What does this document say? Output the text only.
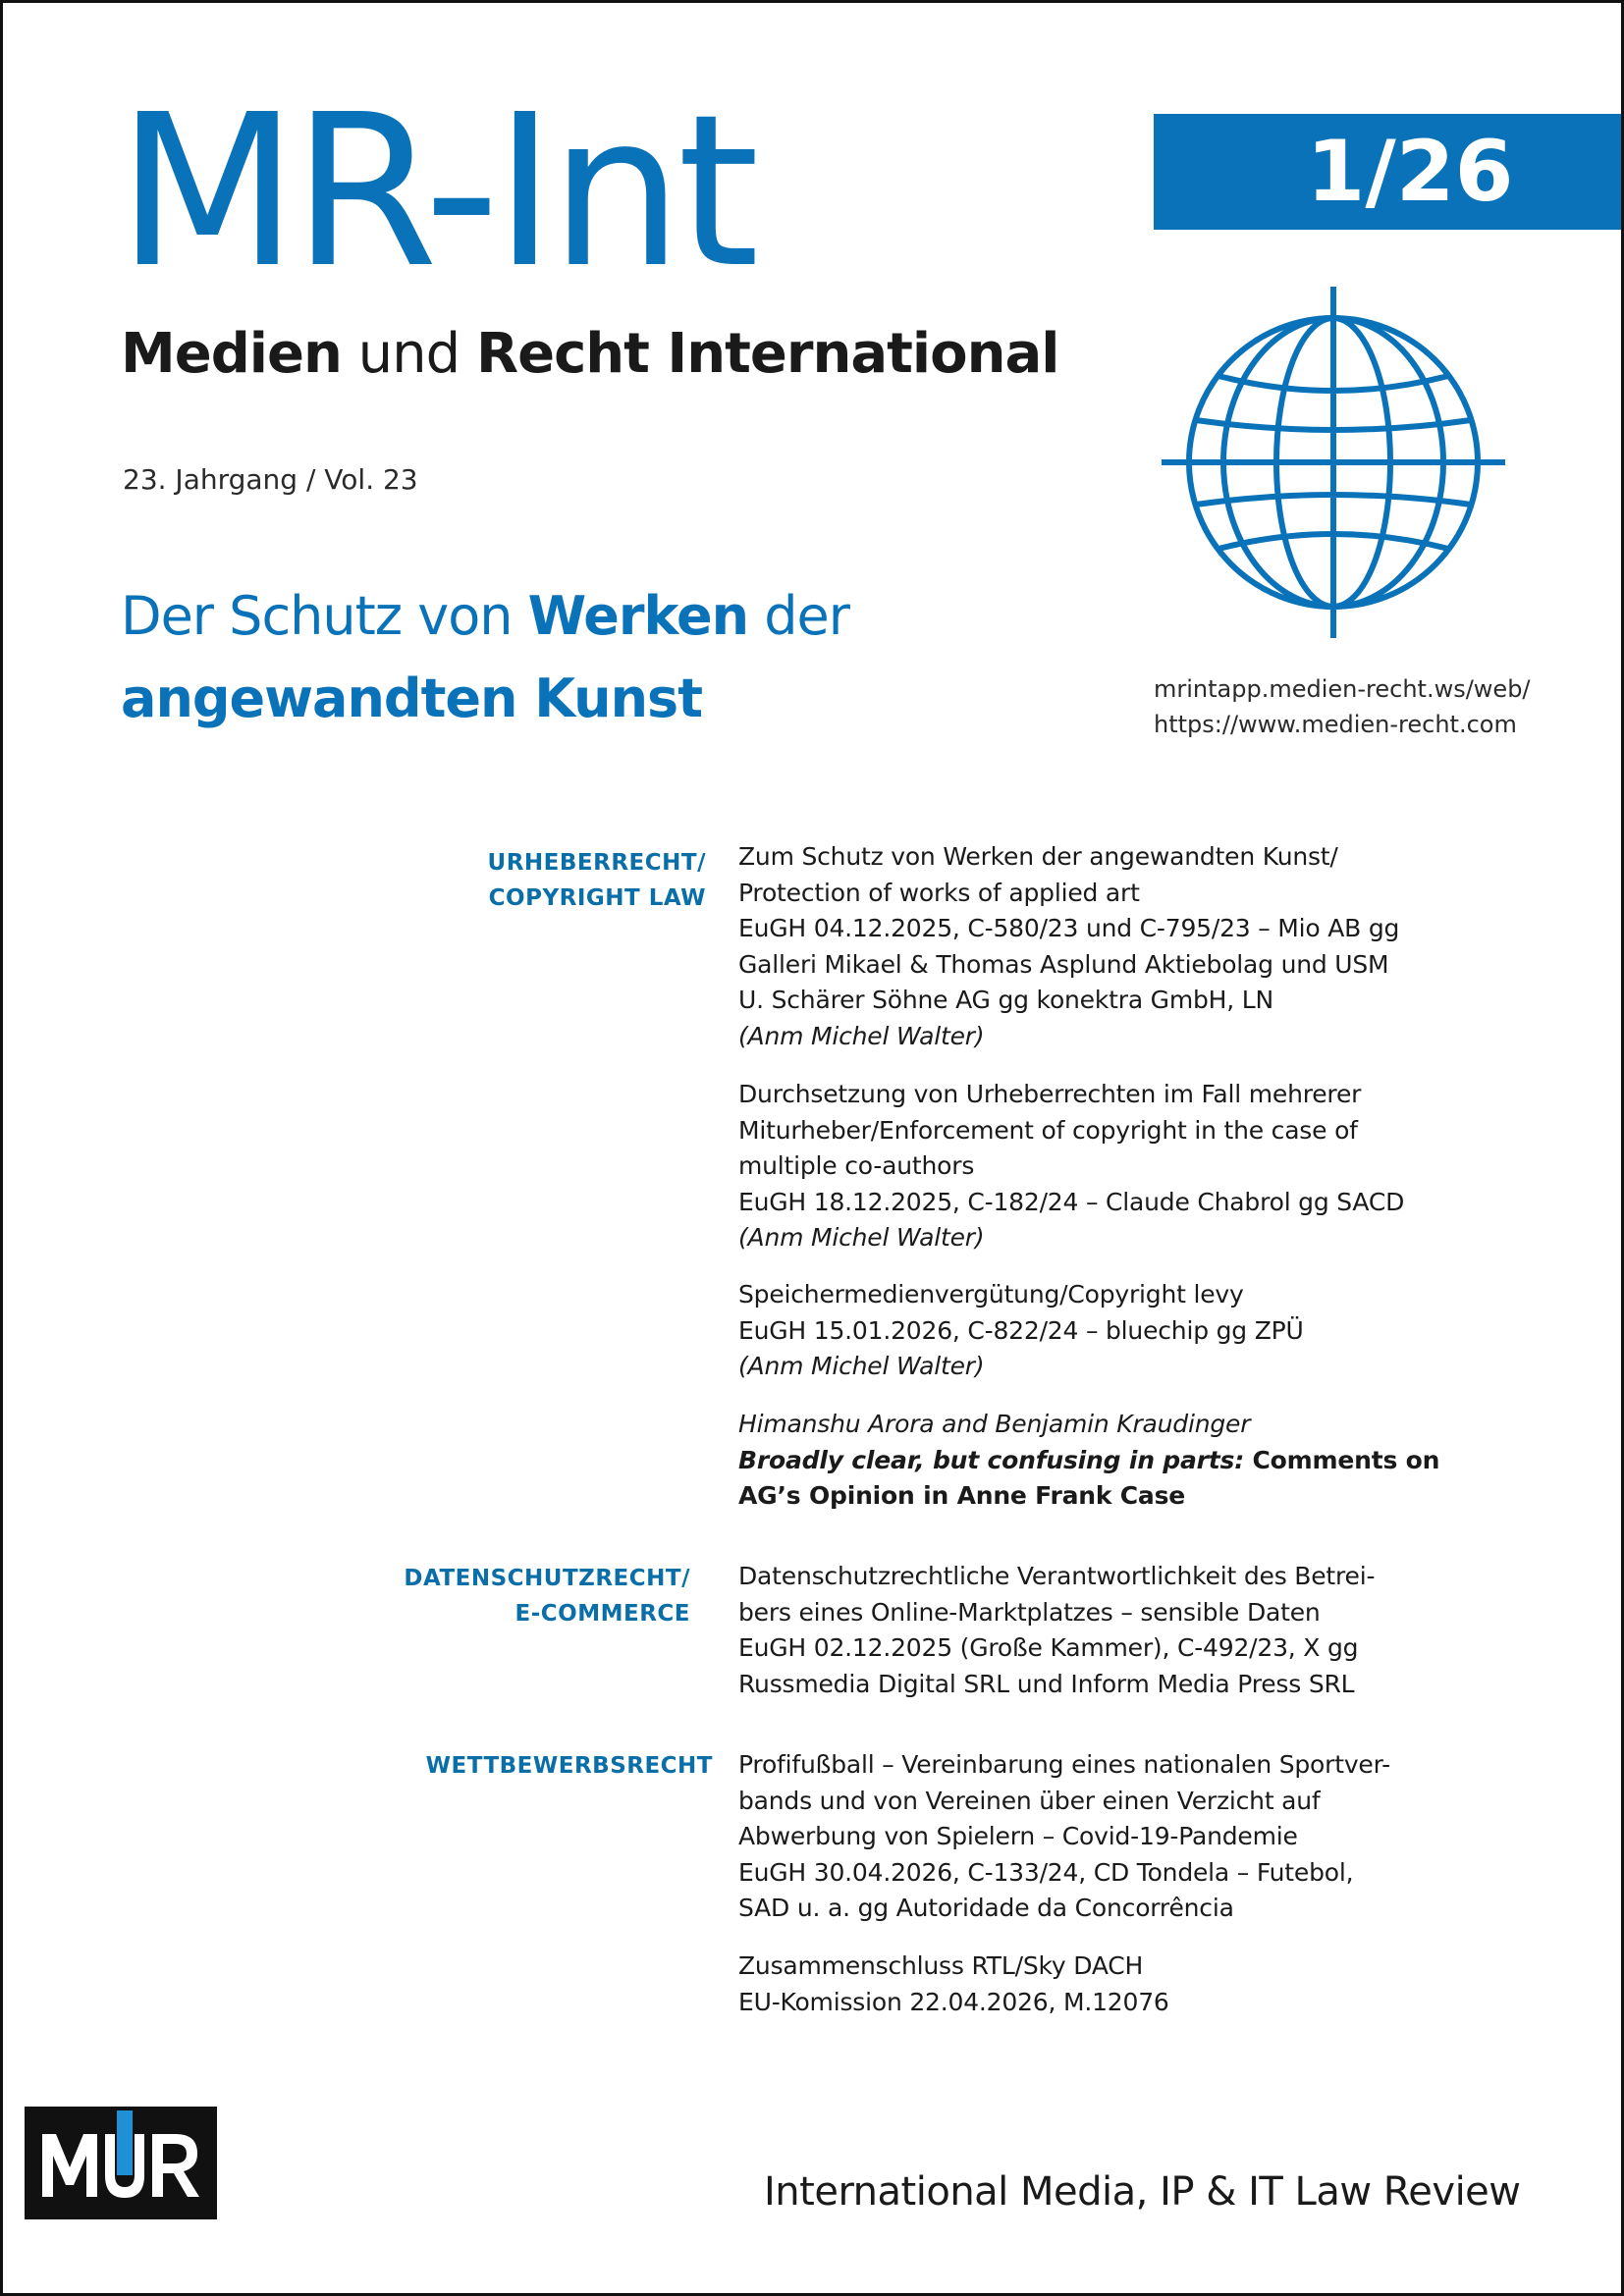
MR-Int
Medien und Recht International
23. Jahrgang / Vol. 23
1/26
mrintapp.medien-recht.ws/web/
https://www.medien-recht.com
Der Schutz von Werken der
angewandten Kunst
URHEBERRECHT/
COPYRIGHT LAW
Zum Schutz von Werken der angewandten Kunst/
Protection of works of applied art
EuGH 04.12.2025, C-580/23 und C-795/23 – Mio AB gg
Galleri Mikael & Thomas Asplund Aktiebolag und USM
U. Schärer Söhne AG gg konektra GmbH, LN
(Anm Michel Walter)
Durchsetzung von Urheberrechten im Fall mehrerer
Miturheber/Enforcement of copyright in the case of
multiple co-authors
EuGH 18.12.2025, C-182/24 – Claude Chabrol gg SACD
(Anm Michel Walter)
Speichermedienvergütung/Copyright levy
EuGH 15.01.2026, C-822/24 – bluechip gg ZPÜ
(Anm Michel Walter)
Himanshu Arora and Benjamin Kraudinger
Broadly clear, but confusing in parts: Comments on
AG’s Opinion in Anne Frank Case
DATENSCHUTZRECHT/
E-COMMERCE
Datenschutzrechtliche Verantwortlichkeit des Betrei-
bers eines Online-Marktplatzes – sensible Daten
EuGH 02.12.2025 (Große Kammer), C-492/23, X gg
Russmedia Digital SRL und Inform Media Press SRL
WETTBEWERBSRECHT Profifußball – Vereinbarung eines nationalen Sportver-
bands und von Vereinen über einen Verzicht auf
Abwerbung von Spielern – Covid-19-Pandemie
EuGH 30.04.2026, C-133/24, CD Tondela – Futebol,
SAD u. a. gg Autoridade da Concorrência
Zusammenschluss RTL/Sky DACH
EU-Komission 22.04.2026, M.12076
International Media, IP & IT Law Review
